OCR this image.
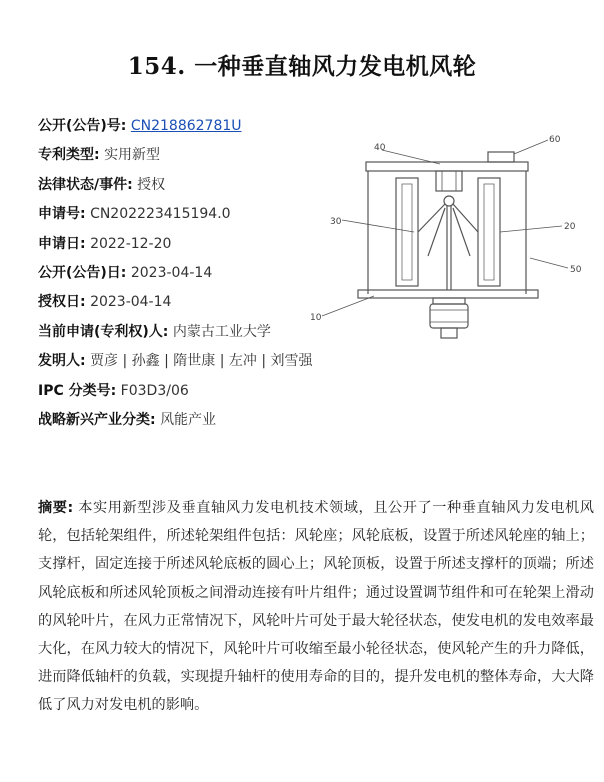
154. 一种垂直轴风力发电机风轮
公开(公告)号: CN218862781U
专利类型: 实用新型
法律状态/事件: 授权
申请号: CN202223415194.0
申请日: 2022-12-20
公开(公告)日: 2023-04-14
授权日: 2023-04-14
当前申请(专利权)人: 内蒙古工业大学
发明人: 贾彦 | 孙鑫 | 隋世康 | 左冲 | 刘雪强
IPC 分类号: F03D3/06
战略新兴产业分类: 风能产业
40
60
30	20
50
10
摘要: 本实用新型涉及垂直轴风力发电机技术领域，且公开了一种垂直轴风力发电机风轮，包括轮架组件，所述轮架组件包括：风轮座；风轮底板，设置于所述风轮座的轴上；支撑杆，固定连接于所述风轮底板的圆心上；风轮顶板，设置于所述支撑杆的顶端；所述风轮底板和所述风轮顶板之间滑动连接有叶片组件；通过设置调节组件和可在轮架上滑动的风轮叶片，在风力正常情况下，风轮叶片可处于最大轮径状态，使发电机的发电效率最大化，在风力较大的情况下，风轮叶片可收缩至最小轮径状态，使风轮产生的升力降低，进而降低轴杆的负载，实现提升轴杆的使用寿命的目的，提升发电机的整体寿命，大大降低了风力对发电机的影响。
